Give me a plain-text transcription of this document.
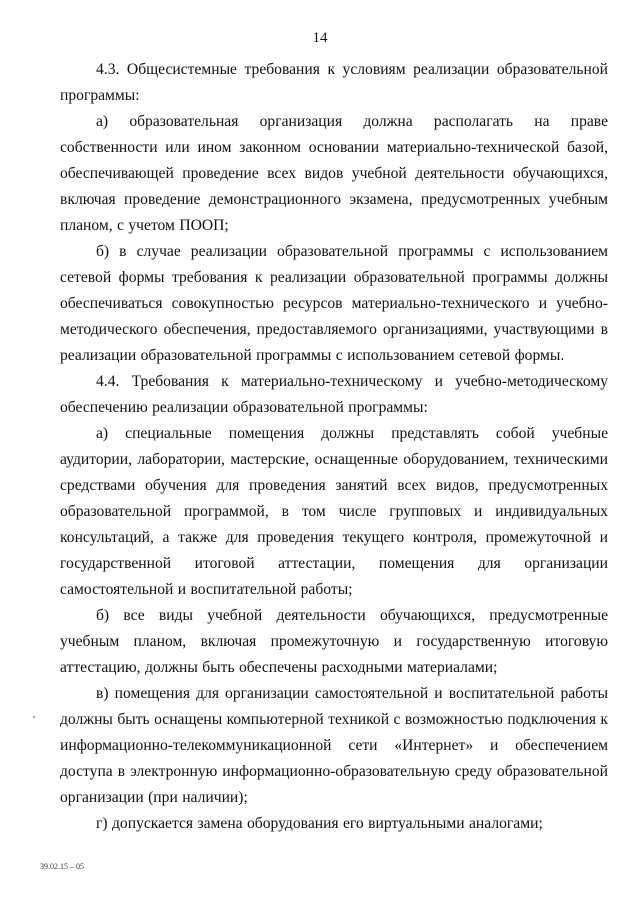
14

4.3. Общесистемные требования к условиям реализации образовательной программы:

а) образовательная организация должна располагать на праве собственности или ином законном основании материально-технической базой, обеспечивающей проведение всех видов учебной деятельности обучающихся, включая проведение демонстрационного экзамена, предусмотренных учебным планом, с учетом ПООП;

б) в случае реализации образовательной программы с использованием сетевой формы требования к реализации образовательной программы должны обеспечиваться совокупностью ресурсов материально-технического и учебно-методического обеспечения, предоставляемого организациями, участвующими в реализации образовательной программы с использованием сетевой формы.

4.4. Требования к материально-техническому и учебно-методическому обеспечению реализации образовательной программы:

а) специальные помещения должны представлять собой учебные аудитории, лаборатории, мастерские, оснащенные оборудованием, техническими средствами обучения для проведения занятий всех видов, предусмотренных образовательной программой, в том числе групповых и индивидуальных консультаций, а также для проведения текущего контроля, промежуточной и государственной итоговой аттестации, помещения для организации самостоятельной и воспитательной работы;

б) все виды учебной деятельности обучающихся, предусмотренные учебным планом, включая промежуточную и государственную итоговую аттестацию, должны быть обеспечены расходными материалами;

в) помещения для организации самостоятельной и воспитательной работы должны быть оснащены компьютерной техникой с возможностью подключения к информационно-телекоммуникационной сети «Интернет» и обеспечением доступа в электронную информационно-образовательную среду образовательной организации (при наличии);

г) допускается замена оборудования его виртуальными аналогами;

39.02.15 – 05
